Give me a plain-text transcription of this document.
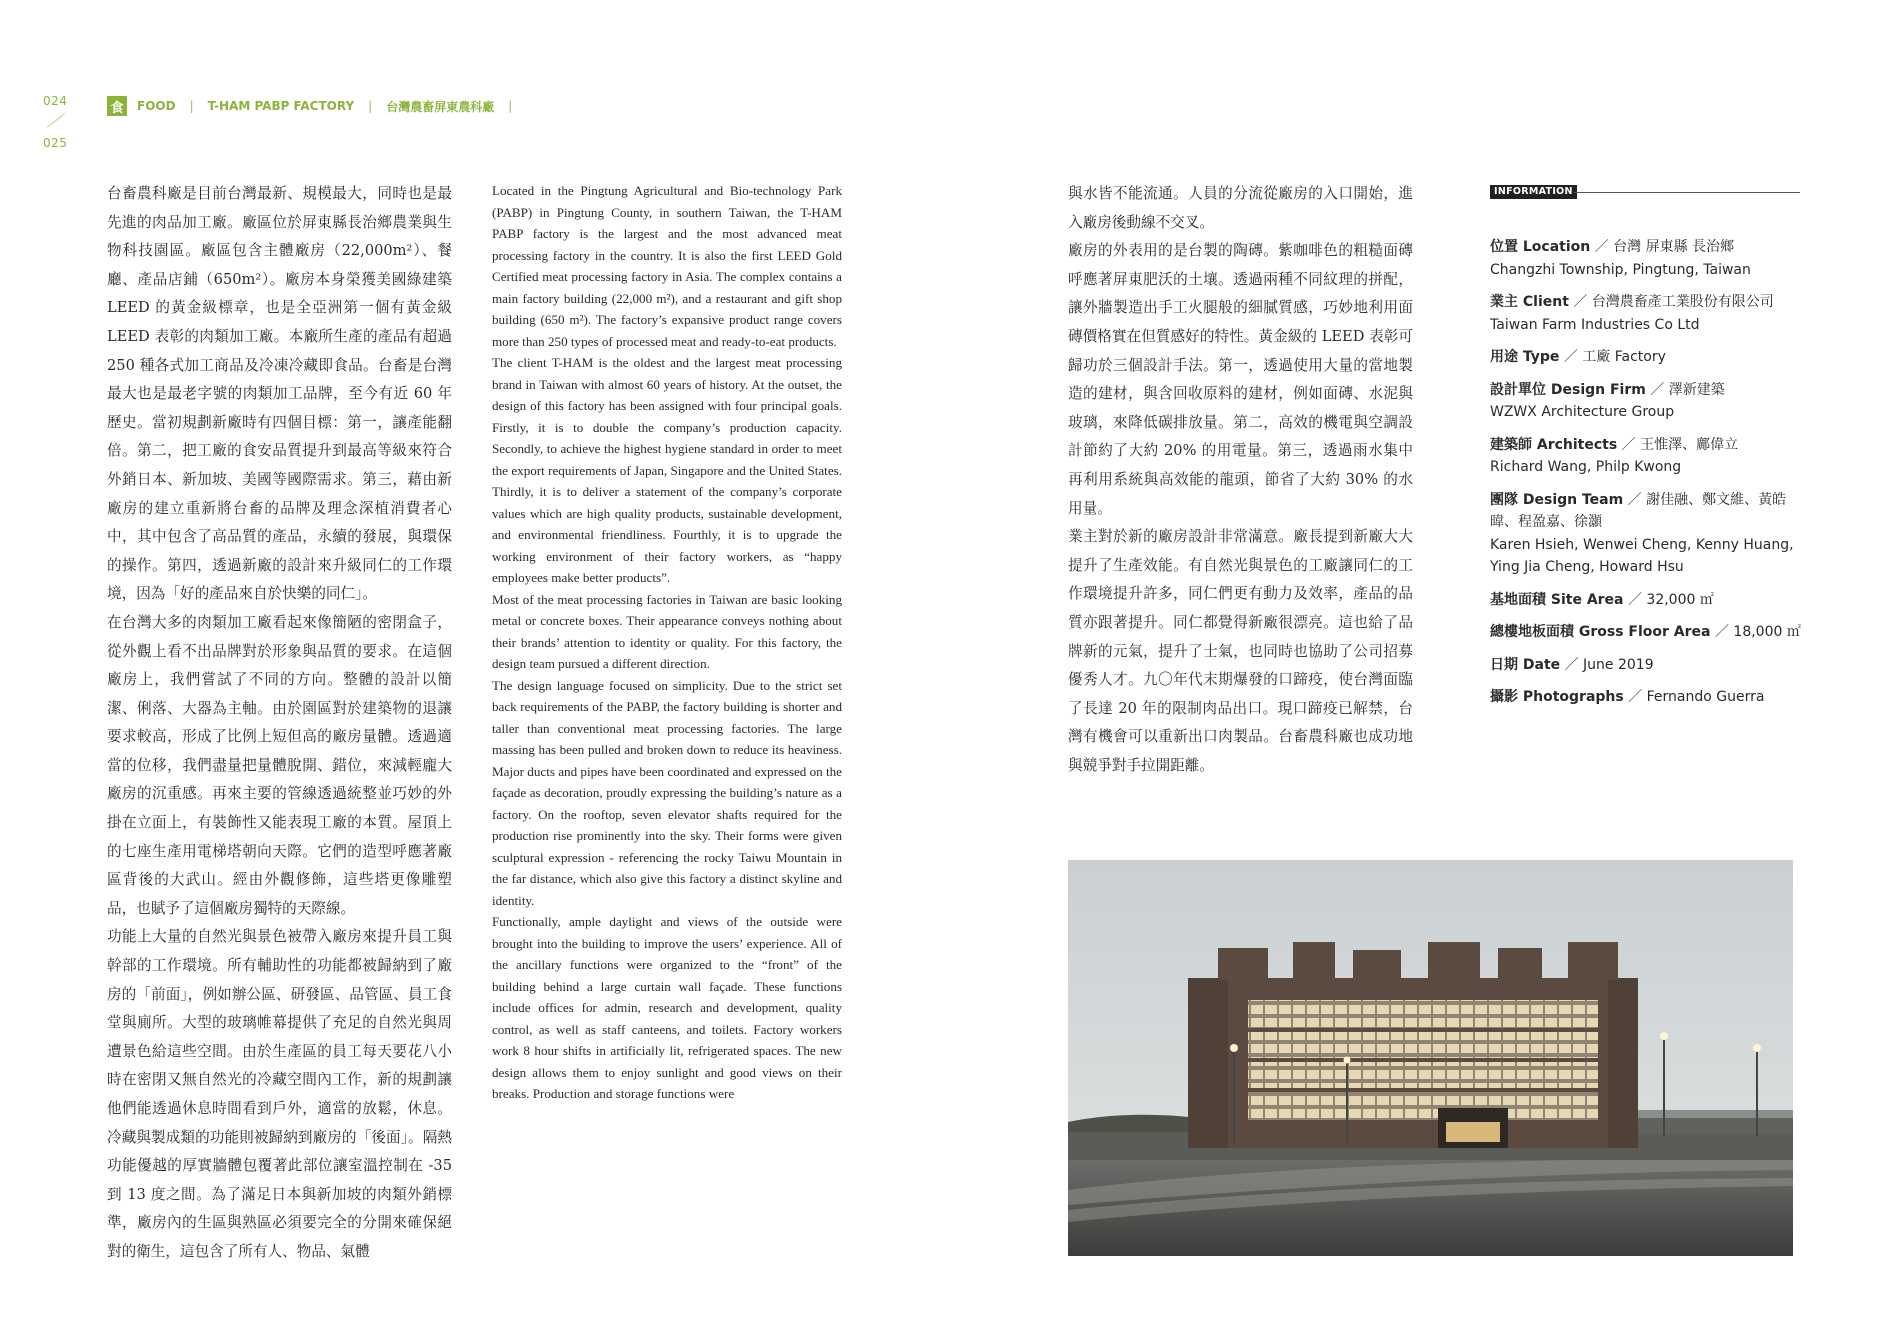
024
025
食 FOOD | T-HAM PABP FACTORY | 台灣農畜屏東農科廠 |

台畜農科廠是目前台灣最新、規模最大，同時也是最先進的肉品加工廠。廠區位於屏東縣長治鄉農業與生物科技園區。廠區包含主體廠房（22,000m²）、餐廳、產品店鋪（650m²）。廠房本身榮獲美國綠建築 LEED 的黃金級標章，也是全亞洲第一個有黃金級 LEED 表彰的肉類加工廠。本廠所生產的產品有超過 250 種各式加工商品及冷凍冷藏即食品。台畜是台灣最大也是最老字號的肉類加工品牌，至今有近 60 年歷史。當初規劃新廠時有四個目標：第一，讓產能翻倍。第二，把工廠的食安品質提升到最高等級來符合外銷日本、新加坡、美國等國際需求。第三，藉由新廠房的建立重新將台畜的品牌及理念深植消費者心中，其中包含了高品質的產品，永續的發展，與環保的操作。第四，透過新廠的設計來升級同仁的工作環境，因為「好的產品來自於快樂的同仁」。

在台灣大多的肉類加工廠看起來像簡陋的密閉盒子，從外觀上看不出品牌對於形象與品質的要求。在這個廠房上，我們嘗試了不同的方向。整體的設計以簡潔、俐落、大器為主軸。由於園區對於建築物的退讓要求較高，形成了比例上短但高的廠房量體。透過適當的位移，我們盡量把量體脫開、錯位，來減輕龐大廠房的沉重感。再來主要的管線透過統整並巧妙的外掛在立面上，有裝飾性又能表現工廠的本質。屋頂上的七座生產用電梯塔朝向天際。它們的造型呼應著廠區背後的大武山。經由外觀修飾，這些塔更像雕塑品，也賦予了這個廠房獨特的天際線。

功能上大量的自然光與景色被帶入廠房來提升員工與幹部的工作環境。所有輔助性的功能都被歸納到了廠房的「前面」，例如辦公區、研發區、品管區、員工食堂與廁所。大型的玻璃帷幕提供了充足的自然光與周遭景色給這些空間。由於生產區的員工每天要花八小時在密閉又無自然光的冷藏空間內工作，新的規劃讓他們能透過休息時間看到戶外，適當的放鬆，休息。冷藏與製成類的功能則被歸納到廠房的「後面」。隔熱功能優越的厚實牆體包覆著此部位讓室溫控制在 -35 到 13 度之間。為了滿足日本與新加坡的肉類外銷標準，廠房內的生區與熟區必須要完全的分開來確保絕對的衛生，這包含了所有人、物品、氣體

Located in the Pingtung Agricultural and Bio-technology Park (PABP) in Pingtung County, in southern Taiwan, the T-HAM PABP factory is the largest and the most advanced meat processing factory in the country. It is also the first LEED Gold Certified meat processing factory in Asia. The complex contains a main factory building (22,000 m²), and a restaurant and gift shop building (650 m²). The factory’s expansive product range covers more than 250 types of processed meat and ready-to-eat products.

The client T-HAM is the oldest and the largest meat processing brand in Taiwan with almost 60 years of history. At the outset, the design of this factory has been assigned with four principal goals. Firstly, it is to double the company’s production capacity. Secondly, to achieve the highest hygiene standard in order to meet the export requirements of Japan, Singapore and the United States. Thirdly, it is to deliver a statement of the company’s corporate values which are high quality products, sustainable development, and environmental friendliness. Fourthly, it is to upgrade the working environment of their factory workers, as “happy employees make better products”.

Most of the meat processing factories in Taiwan are basic looking metal or concrete boxes. Their appearance conveys nothing about their brands’ attention to identity or quality. For this factory, the design team pursued a different direction.

The design language focused on simplicity. Due to the strict set back requirements of the PABP, the factory building is shorter and taller than conventional meat processing factories. The large massing has been pulled and broken down to reduce its heaviness. Major ducts and pipes have been coordinated and expressed on the façade as decoration, proudly expressing the building’s nature as a factory. On the rooftop, seven elevator shafts required for the production rise prominently into the sky. Their forms were given sculptural expression - referencing the rocky Taiwu Mountain in the far distance, which also give this factory a distinct skyline and identity.

Functionally, ample daylight and views of the outside were brought into the building to improve the users’ experience. All of the ancillary functions were organized to the “front” of the building behind a large curtain wall façade. These functions include offices for admin, research and development, quality control, as well as staff canteens, and toilets. Factory workers work 8 hour shifts in artificially lit, refrigerated spaces. The new design allows them to enjoy sunlight and good views on their breaks. Production and storage functions were

與水皆不能流通。人員的分流從廠房的入口開始，進入廠房後動線不交叉。

廠房的外表用的是台製的陶磚。紫咖啡色的粗糙面磚呼應著屏東肥沃的土壤。透過兩種不同紋理的拼配，讓外牆製造出手工火腿般的細膩質感，巧妙地利用面磚價格實在但質感好的特性。黃金級的 LEED 表彰可歸功於三個設計手法。第一，透過使用大量的當地製造的建材，與含回收原料的建材，例如面磚、水泥與玻璃，來降低碳排放量。第二，高效的機電與空調設計節約了大約 20% 的用電量。第三，透過雨水集中再利用系統與高效能的龍頭，節省了大約 30% 的水用量。

業主對於新的廠房設計非常滿意。廠長提到新廠大大提升了生產效能。有自然光與景色的工廠讓同仁的工作環境提升許多，同仁們更有動力及效率，產品的品質亦跟著提升。同仁都覺得新廠很漂亮。這也給了品牌新的元氣，提升了士氣，也同時也協助了公司招募優秀人才。九〇年代末期爆發的口蹄疫，使台灣面臨了長達 20 年的限制肉品出口。現口蹄疫已解禁，台灣有機會可以重新出口肉製品。台畜農科廠也成功地與競爭對手拉開距離。

INFORMATION
位置 Location ／ 台灣 屏東縣 長治鄉
Changzhi Township, Pingtung, Taiwan
業主 Client ／ 台灣農畜產工業股份有限公司
Taiwan Farm Industries Co Ltd
用途 Type ／ 工廠 Factory
設計單位 Design Firm ／ 澤新建築
WZWX Architecture Group
建築師 Architects ／ 王惟澤、鄺偉立
Richard Wang, Philp Kwong
團隊 Design Team ／ 謝佳融、鄭文維、黃皓暐、程盈嘉、徐灝
Karen Hsieh, Wenwei Cheng, Kenny Huang, Ying Jia Cheng, Howard Hsu
基地面積 Site Area ／ 32,000 ㎡
總樓地板面積 Gross Floor Area ／ 18,000 ㎡
日期 Date ／ June 2019
攝影 Photographs ／ Fernando Guerra
